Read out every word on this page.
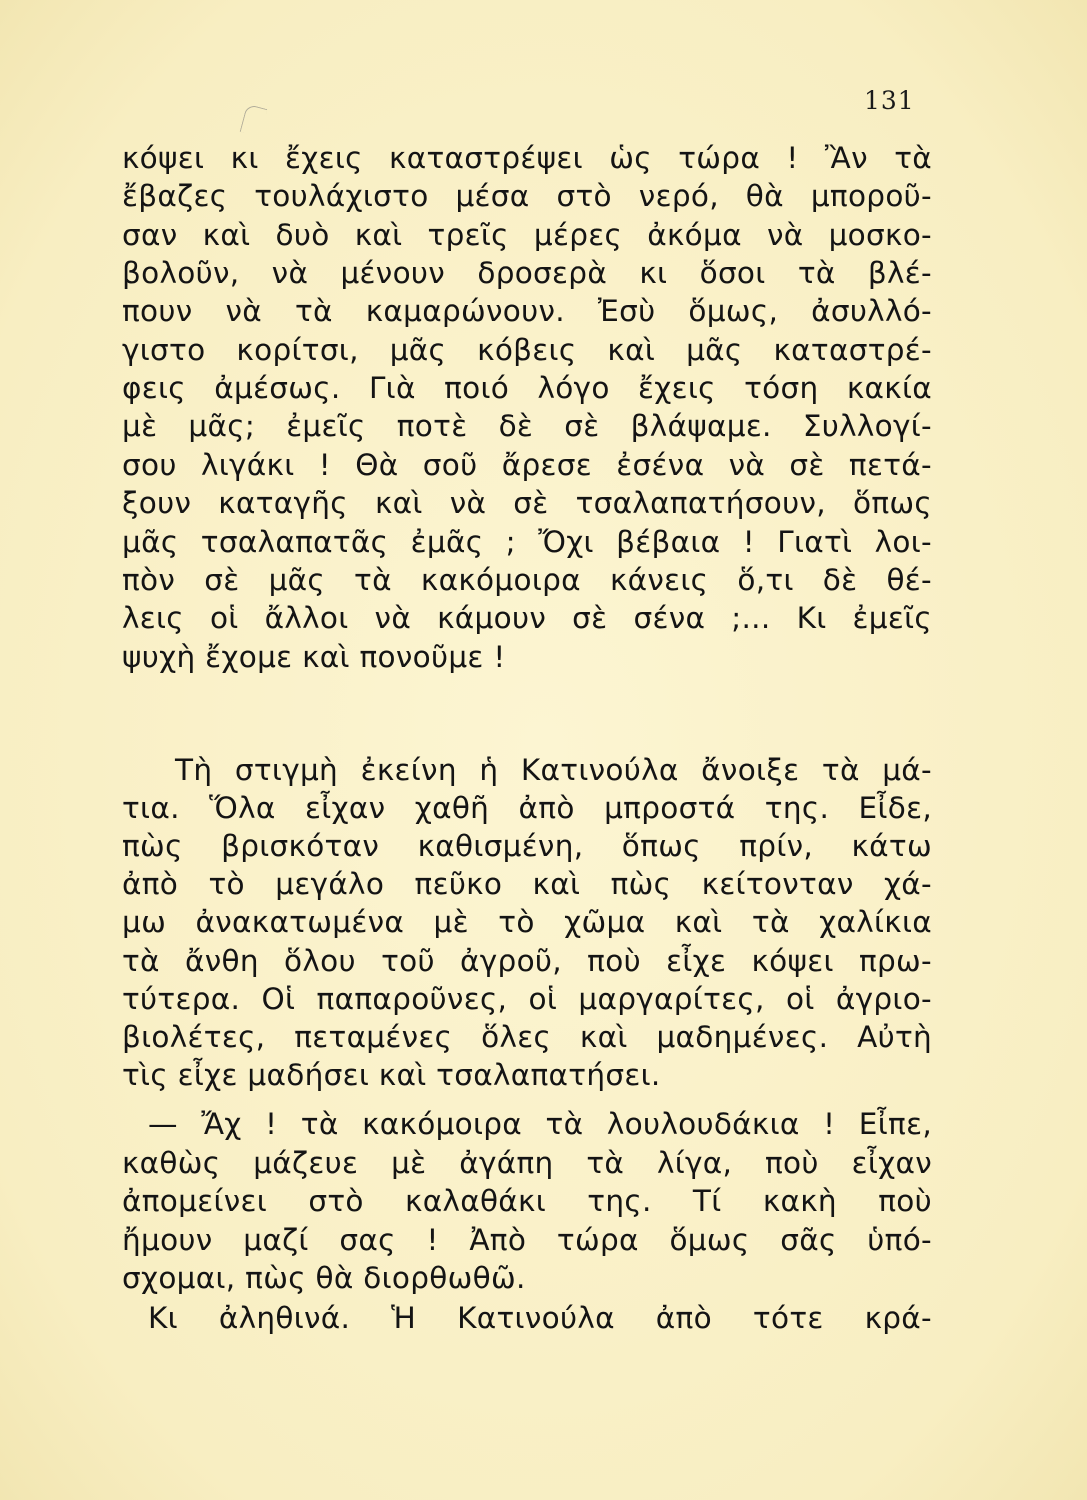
131
κόψει κι ἔχεις καταστρέψει ὡς τώρα ! Ἂν τὰ
ἔβαζες τουλάχιστο μέσα στὸ νερό, θὰ μποροῦ-
σαν καὶ δυὸ καὶ τρεῖς μέρες ἀκόμα νὰ μοσκο-
βολοῦν, νὰ μένουν δροσερὰ κι ὅσοι τὰ βλέ-
πουν νὰ τὰ καμαρώνουν. Ἐσὺ ὅμως, ἀσυλλό-
γιστο κορίτσι, μᾶς κόβεις καὶ μᾶς καταστρέ-
φεις ἀμέσως. Γιὰ ποιό λόγο ἔχεις τόση κακία
μὲ μᾶς; ἐμεῖς ποτὲ δὲ σὲ βλάψαμε. Συλλογί-
σου λιγάκι ! Θὰ σοῦ ἄρεσε ἐσένα νὰ σὲ πετά-
ξουν καταγῆς καὶ νὰ σὲ τσαλαπατήσουν, ὅπως
μᾶς τσαλαπατᾶς ἐμᾶς ; Ὄχι βέβαια ! Γιατὶ λοι-
πὸν σὲ μᾶς τὰ κακόμοιρα κάνεις ὅ,τι δὲ θέ-
λεις οἱ ἄλλοι νὰ κάμουν σὲ σένα ;... Κι ἐμεῖς
ψυχὴ ἔχομε καὶ πονοῦμε !
Τὴ στιγμὴ ἐκείνη ἡ Κατινούλα ἄνοιξε τὰ μά-
τια. Ὅλα εἶχαν χαθῆ ἀπὸ μπροστά της. Εἶδε,
πὼς βρισκόταν καθισμένη, ὅπως πρίν, κάτω
ἀπὸ τὸ μεγάλο πεῦκο καὶ πὼς κείτονταν χά-
μω ἀνακατωμένα μὲ τὸ χῶμα καὶ τὰ χαλίκια
τὰ ἄνθη ὅλου τοῦ ἀγροῦ, ποὺ εἶχε κόψει πρω-
τύτερα. Οἱ παπαροῦνες, οἱ μαργαρίτες, οἱ ἀγριο-
βιολέτες, πεταμένες ὅλες καὶ μαδημένες. Αὐτὴ
τὶς εἶχε μαδήσει καὶ τσαλαπατήσει.
— Ἄχ ! τὰ κακόμοιρα τὰ λουλουδάκια ! Εἶπε,
καθὼς μάζευε μὲ ἀγάπη τὰ λίγα, ποὺ εἶχαν
ἀπομείνει στὸ καλαθάκι της. Τί κακὴ ποὺ
ἤμουν μαζί σας ! Ἀπὸ τώρα ὅμως σᾶς ὑπό-
σχομαι, πὼς θὰ διορθωθῶ.
Κι ἀληθινά. Ἡ Κατινούλα ἀπὸ τότε κρά-
